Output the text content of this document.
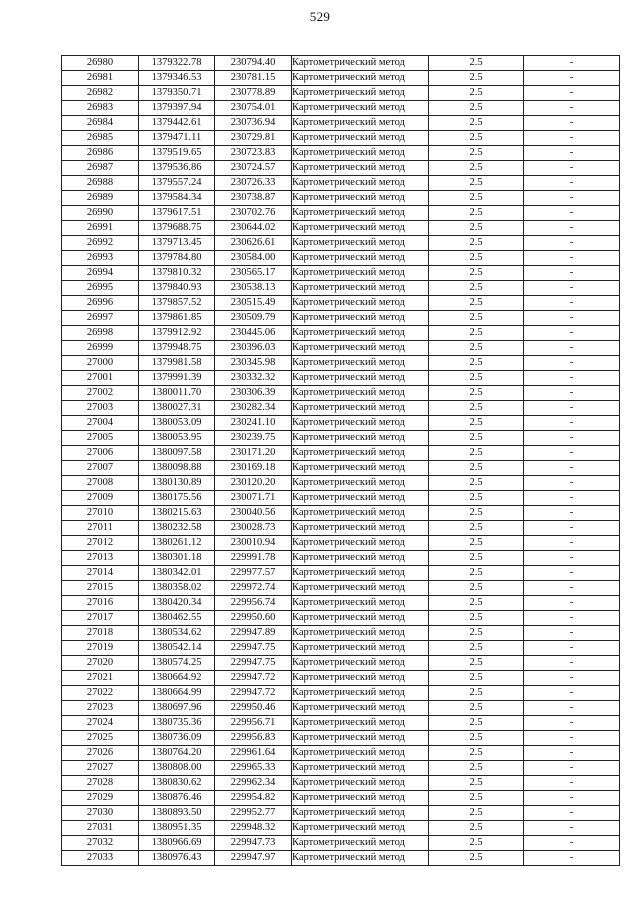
529
26980	1379322.78	230794.40	Картометрический метод	2.5	-
26981	1379346.53	230781.15	Картометрический метод	2.5	-
26982	1379350.71	230778.89	Картометрический метод	2.5	-
26983	1379397.94	230754.01	Картометрический метод	2.5	-
26984	1379442.61	230736.94	Картометрический метод	2.5	-
26985	1379471.11	230729.81	Картометрический метод	2.5	-
26986	1379519.65	230723.83	Картометрический метод	2.5	-
26987	1379536.86	230724.57	Картометрический метод	2.5	-
26988	1379557.24	230726.33	Картометрический метод	2.5	-
26989	1379584.34	230738.87	Картометрический метод	2.5	-
26990	1379617.51	230702.76	Картометрический метод	2.5	-
26991	1379688.75	230644.02	Картометрический метод	2.5	-
26992	1379713.45	230626.61	Картометрический метод	2.5	-
26993	1379784.80	230584.00	Картометрический метод	2.5	-
26994	1379810.32	230565.17	Картометрический метод	2.5	-
26995	1379840.93	230538.13	Картометрический метод	2.5	-
26996	1379857.52	230515.49	Картометрический метод	2.5	-
26997	1379861.85	230509.79	Картометрический метод	2.5	-
26998	1379912.92	230445.06	Картометрический метод	2.5	-
26999	1379948.75	230396.03	Картометрический метод	2.5	-
27000	1379981.58	230345.98	Картометрический метод	2.5	-
27001	1379991.39	230332.32	Картометрический метод	2.5	-
27002	1380011.70	230306.39	Картометрический метод	2.5	-
27003	1380027.31	230282.34	Картометрический метод	2.5	-
27004	1380053.09	230241.10	Картометрический метод	2.5	-
27005	1380053.95	230239.75	Картометрический метод	2.5	-
27006	1380097.58	230171.20	Картометрический метод	2.5	-
27007	1380098.88	230169.18	Картометрический метод	2.5	-
27008	1380130.89	230120.20	Картометрический метод	2.5	-
27009	1380175.56	230071.71	Картометрический метод	2.5	-
27010	1380215.63	230040.56	Картометрический метод	2.5	-
27011	1380232.58	230028.73	Картометрический метод	2.5	-
27012	1380261.12	230010.94	Картометрический метод	2.5	-
27013	1380301.18	229991.78	Картометрический метод	2.5	-
27014	1380342.01	229977.57	Картометрический метод	2.5	-
27015	1380358.02	229972.74	Картометрический метод	2.5	-
27016	1380420.34	229956.74	Картометрический метод	2.5	-
27017	1380462.55	229950.60	Картометрический метод	2.5	-
27018	1380534.62	229947.89	Картометрический метод	2.5	-
27019	1380542.14	229947.75	Картометрический метод	2.5	-
27020	1380574.25	229947.75	Картометрический метод	2.5	-
27021	1380664.92	229947.72	Картометрический метод	2.5	-
27022	1380664.99	229947.72	Картометрический метод	2.5	-
27023	1380697.96	229950.46	Картометрический метод	2.5	-
27024	1380735.36	229956.71	Картометрический метод	2.5	-
27025	1380736.09	229956.83	Картометрический метод	2.5	-
27026	1380764.20	229961.64	Картометрический метод	2.5	-
27027	1380808.00	229965.33	Картометрический метод	2.5	-
27028	1380830.62	229962.34	Картометрический метод	2.5	-
27029	1380876.46	229954.82	Картометрический метод	2.5	-
27030	1380893.50	229952.77	Картометрический метод	2.5	-
27031	1380951.35	229948.32	Картометрический метод	2.5	-
27032	1380966.69	229947.73	Картометрический метод	2.5	-
27033	1380976.43	229947.97	Картометрический метод	2.5	-
